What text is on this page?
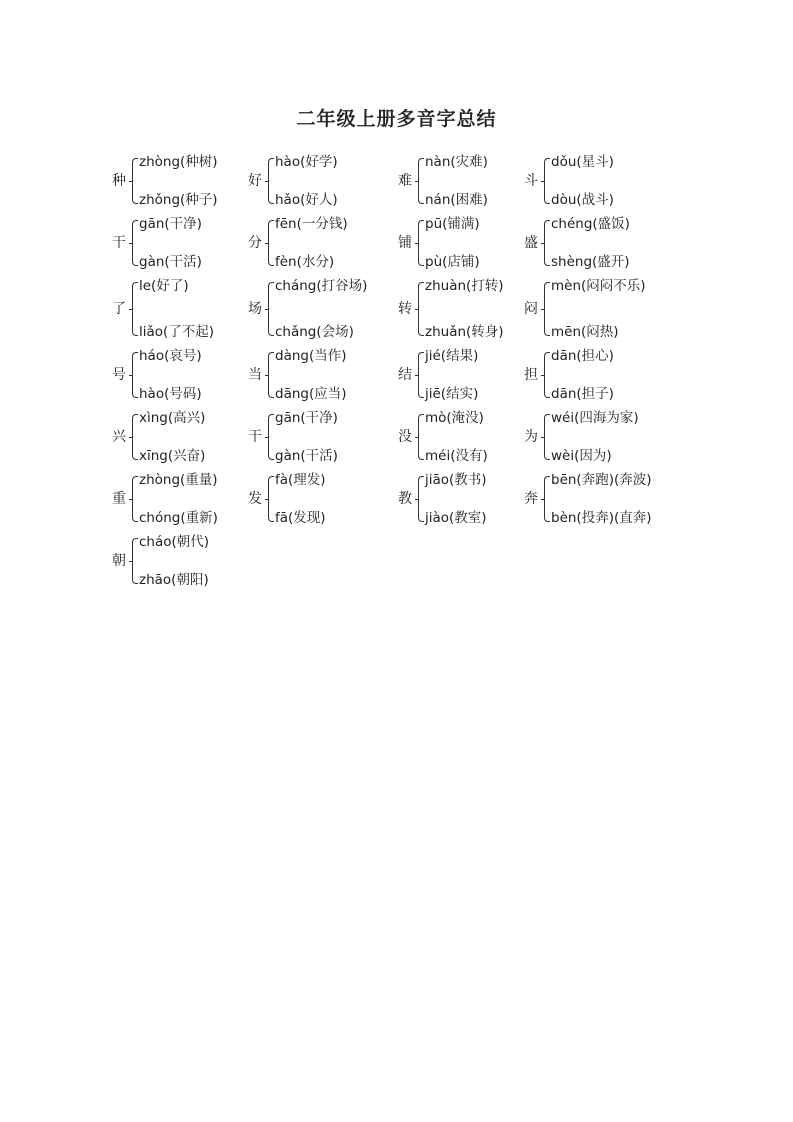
二年级上册多音字总结
种
zhòng(种树)
zhǒng(种子)
好
hào(好学)
hǎo(好人)
难
nàn(灾难)
nán(困难)
斗
dǒu(星斗)
dòu(战斗)
干
gān(干净)
gàn(干活)
分
fēn(一分钱)
fèn(水分)
铺
pū(铺满)
pù(店铺)
盛
chéng(盛饭)
shèng(盛开)
了
le(好了)
liǎo(了不起)
场
cháng(打谷场)
chǎng(会场)
转
zhuàn(打转)
zhuǎn(转身)
闷
mèn(闷闷不乐)
mēn(闷热)
号
háo(哀号)
hào(号码)
当
dàng(当作)
dāng(应当)
结
jié(结果)
jiē(结实)
担
dān(担心)
dān(担子)
兴
xìng(高兴)
xīng(兴奋)
干
gān(干净)
gàn(干活)
没
mò(淹没)
méi(没有)
为
wéi(四海为家)
wèi(因为)
重
zhòng(重量)
chóng(重新)
发
fà(理发)
fā(发现)
教
jiāo(教书)
jiào(教室)
奔
bēn(奔跑)(奔波)
bèn(投奔)(直奔)
朝
cháo(朝代)
zhāo(朝阳)
